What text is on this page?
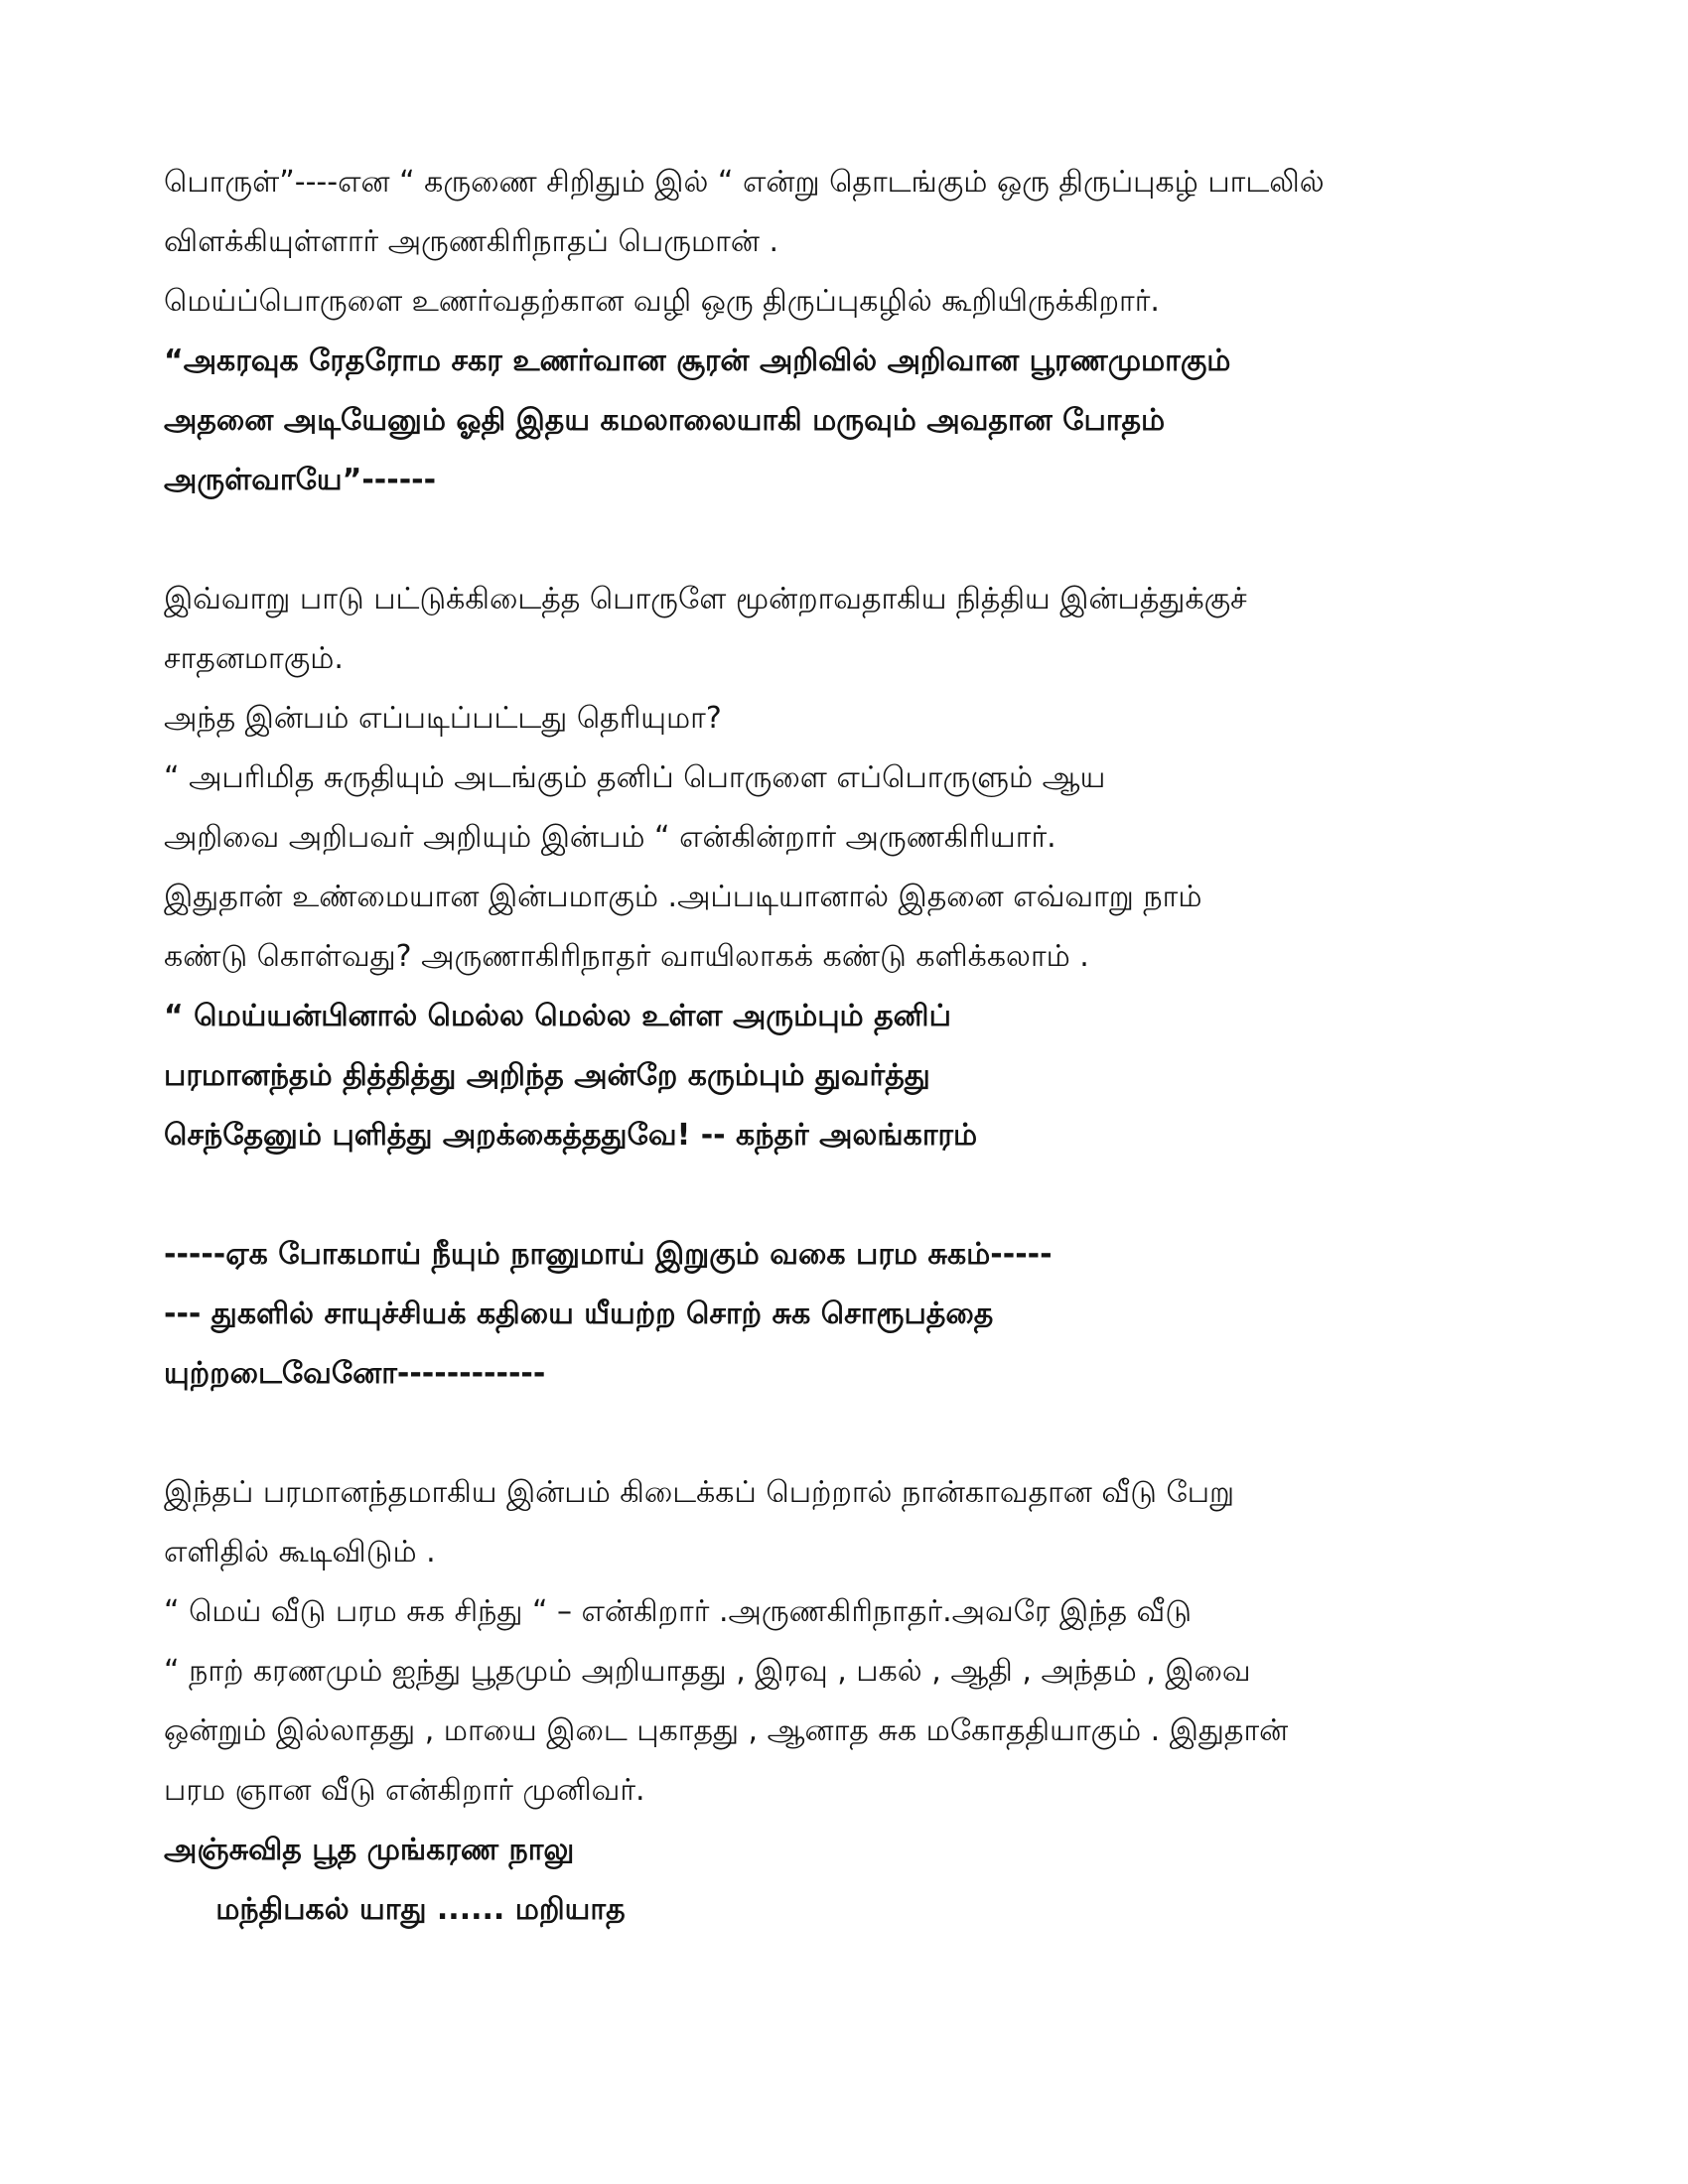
பொருள்”----என “ கருணை சிறிதும் இல் “ என்று தொடங்கும் ஒரு திருப்புகழ் பாடலில்

விளக்கியுள்ளார் அருணகிரிநாதப் பெருமான் .

மெய்ப்பொருளை உணர்வதற்கான வழி ஒரு திருப்புகழில் கூறியிருக்கிறார்.

“அகரவுக ரேதரோம சகர உணர்வான சூரன் அறிவில் அறிவான பூரணமுமாகும்

அதனை அடியேனும் ஓதி இதய கமலாலையாகி மருவும் அவதான போதம்

அருள்வாயே”------

இவ்வாறு பாடு பட்டுக்கிடைத்த பொருளே மூன்றாவதாகிய நித்திய இன்பத்துக்குச்

சாதனமாகும்.

அந்த இன்பம் எப்படிப்பட்டது தெரியுமா?

“ அபரிமித சுருதியும் அடங்கும் தனிப் பொருளை எப்பொருளும் ஆய

அறிவை அறிபவர் அறியும் இன்பம் “ என்கின்றார் அருணகிரியார்.

இதுதான் உண்மையான இன்பமாகும் .அப்படியானால் இதனை எவ்வாறு நாம்

கண்டு கொள்வது? அருணாகிரிநாதர் வாயிலாகக் கண்டு களிக்கலாம் .

“ மெய்யன்பினால் மெல்ல மெல்ல உள்ள அரும்பும் தனிப்

பரமானந்தம் தித்தித்து அறிந்த அன்றே கரும்பும் துவர்த்து

செந்தேனும் புளித்து அறக்கைத்ததுவே! -- கந்தர் அலங்காரம்

-----ஏக போகமாய் நீயும் நானுமாய் இறுகும் வகை பரம சுகம்-----

--- துகளில் சாயுச்சியக் கதியை யீயற்ற சொற் சுக சொரூபத்தை

யுற்றடைவேனோ------------

இந்தப் பரமானந்தமாகிய இன்பம் கிடைக்கப் பெற்றால் நான்காவதான வீடு பேறு

எளிதில் கூடிவிடும் .

“ மெய் வீடு பரம சுக சிந்து “ – என்கிறார் .அருணகிரிநாதர்.அவரே இந்த வீடு

“ நாற் கரணமும் ஐந்து பூதமும் அறியாதது , இரவு , பகல் , ஆதி , அந்தம் , இவை

ஒன்றும் இல்லாதது , மாயை இடை புகாதது , ஆனாத சுக மகோததியாகும் . இதுதான்

பரம ஞான வீடு என்கிறார் முனிவர்.

அஞ்சுவித பூத முங்கரண நாலு

மந்திபகல் யாது ...... மறியாத
